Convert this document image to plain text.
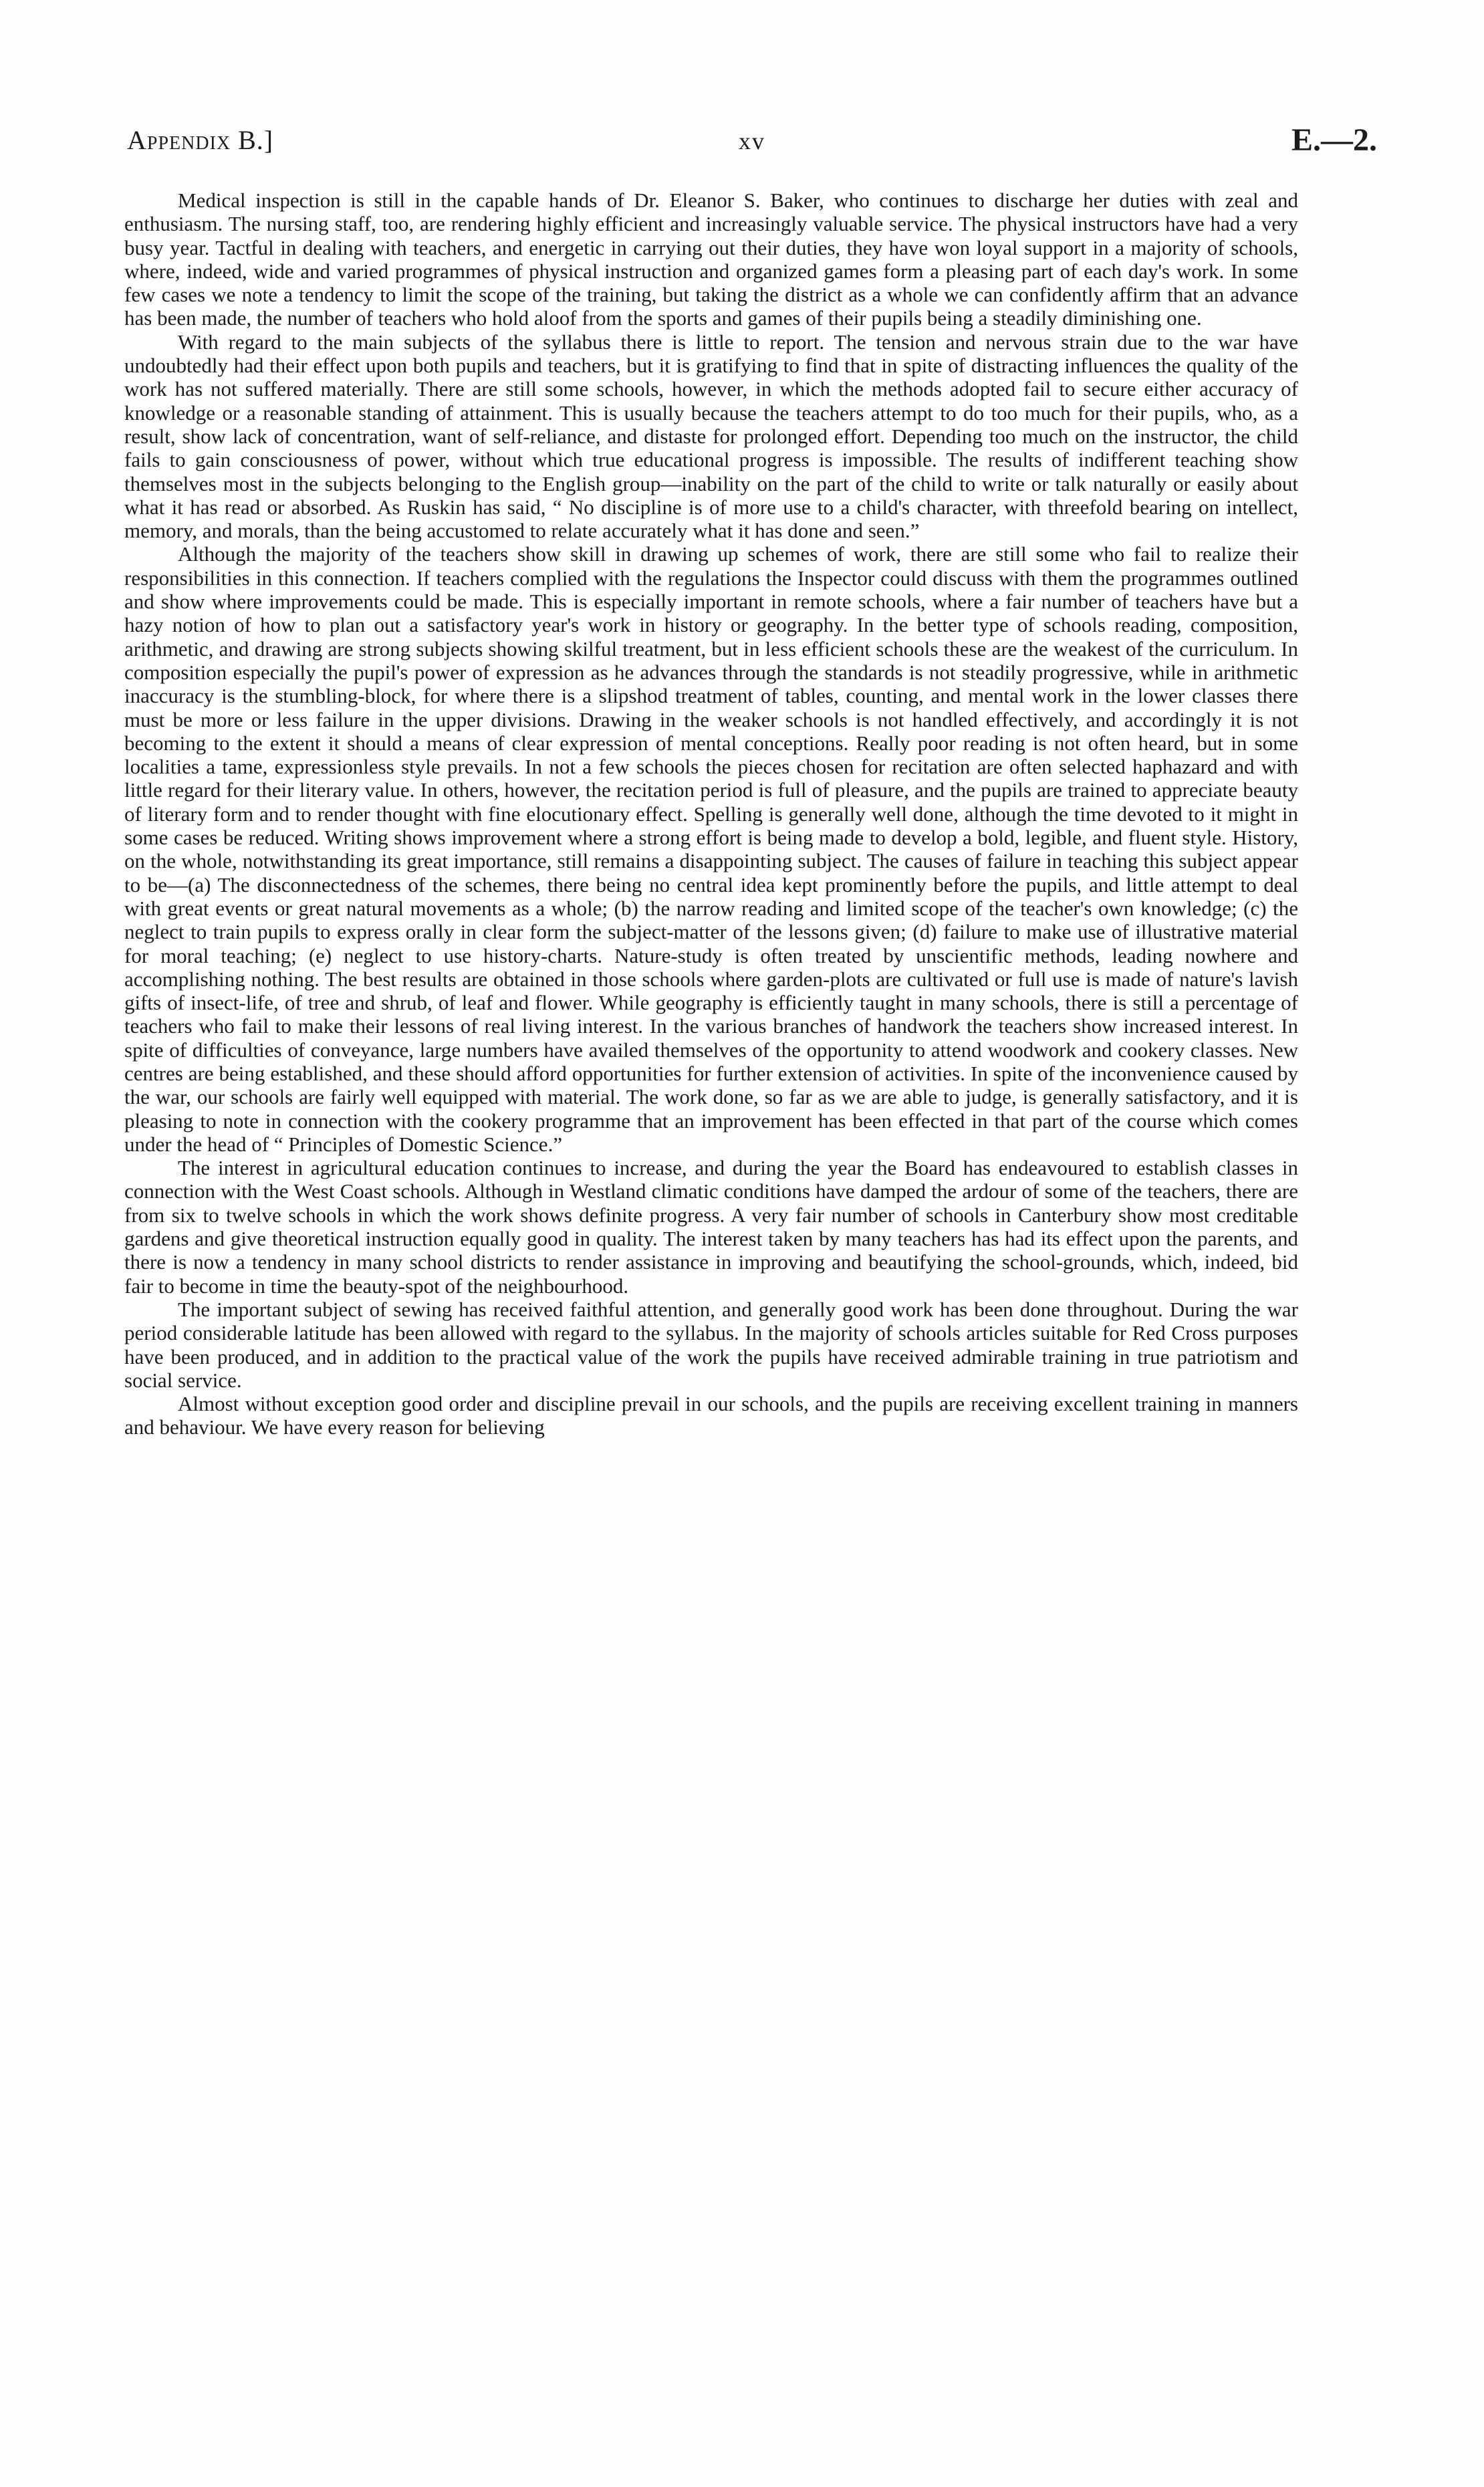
Appendix B.]	xv	E.—2.

Medical inspection is still in the capable hands of Dr. Eleanor S. Baker, who continues to discharge her duties with zeal and enthusiasm. The nursing staff, too, are rendering highly efficient and increasingly valuable service. The physical instructors have had a very busy year. Tactful in dealing with teachers, and energetic in carrying out their duties, they have won loyal support in a majority of schools, where, indeed, wide and varied programmes of physical instruction and organized games form a pleasing part of each day's work. In some few cases we note a tendency to limit the scope of the training, but taking the district as a whole we can confidently affirm that an advance has been made, the number of teachers who hold aloof from the sports and games of their pupils being a steadily diminishing one.

With regard to the main subjects of the syllabus there is little to report. The tension and nervous strain due to the war have undoubtedly had their effect upon both pupils and teachers, but it is gratifying to find that in spite of distracting influences the quality of the work has not suffered materially. There are still some schools, however, in which the methods adopted fail to secure either accuracy of knowledge or a reasonable standing of attainment. This is usually because the teachers attempt to do too much for their pupils, who, as a result, show lack of concentration, want of self-reliance, and distaste for prolonged effort. Depending too much on the instructor, the child fails to gain consciousness of power, without which true educational progress is impossible. The results of indifferent teaching show themselves most in the subjects belonging to the English group—inability on the part of the child to write or talk naturally or easily about what it has read or absorbed. As Ruskin has said, “ No discipline is of more use to a child's character, with threefold bearing on intellect, memory, and morals, than the being accustomed to relate accurately what it has done and seen.”

Although the majority of the teachers show skill in drawing up schemes of work, there are still some who fail to realize their responsibilities in this connection. If teachers complied with the regulations the Inspector could discuss with them the programmes outlined and show where improvements could be made. This is especially important in remote schools, where a fair number of teachers have but a hazy notion of how to plan out a satisfactory year's work in history or geography. In the better type of schools reading, composition, arithmetic, and drawing are strong subjects showing skilful treatment, but in less efficient schools these are the weakest of the curriculum. In composition especially the pupil's power of expression as he advances through the standards is not steadily progressive, while in arithmetic inaccuracy is the stumbling-block, for where there is a slipshod treatment of tables, counting, and mental work in the lower classes there must be more or less failure in the upper divisions. Drawing in the weaker schools is not handled effectively, and accordingly it is not becoming to the extent it should a means of clear expression of mental conceptions. Really poor reading is not often heard, but in some localities a tame, expressionless style prevails. In not a few schools the pieces chosen for recitation are often selected haphazard and with little regard for their literary value. In others, however, the recitation period is full of pleasure, and the pupils are trained to appreciate beauty of literary form and to render thought with fine elocutionary effect. Spelling is generally well done, although the time devoted to it might in some cases be reduced. Writing shows improvement where a strong effort is being made to develop a bold, legible, and fluent style. History, on the whole, notwithstanding its great importance, still remains a disappointing subject. The causes of failure in teaching this subject appear to be—(a) The disconnectedness of the schemes, there being no central idea kept prominently before the pupils, and little attempt to deal with great events or great natural movements as a whole; (b) the narrow reading and limited scope of the teacher's own knowledge; (c) the neglect to train pupils to express orally in clear form the subject-matter of the lessons given; (d) failure to make use of illustrative material for moral teaching; (e) neglect to use history-charts. Nature-study is often treated by unscientific methods, leading nowhere and accomplishing nothing. The best results are obtained in those schools where garden-plots are cultivated or full use is made of nature's lavish gifts of insect-life, of tree and shrub, of leaf and flower. While geography is efficiently taught in many schools, there is still a percentage of teachers who fail to make their lessons of real living interest. In the various branches of handwork the teachers show increased interest. In spite of difficulties of conveyance, large numbers have availed themselves of the opportunity to attend woodwork and cookery classes. New centres are being established, and these should afford opportunities for further extension of activities. In spite of the inconvenience caused by the war, our schools are fairly well equipped with material. The work done, so far as we are able to judge, is generally satisfactory, and it is pleasing to note in connection with the cookery programme that an improvement has been effected in that part of the course which comes under the head of “ Principles of Domestic Science.”

The interest in agricultural education continues to increase, and during the year the Board has endeavoured to establish classes in connection with the West Coast schools. Although in Westland climatic conditions have damped the ardour of some of the teachers, there are from six to twelve schools in which the work shows definite progress. A very fair number of schools in Canterbury show most creditable gardens and give theoretical instruction equally good in quality. The interest taken by many teachers has had its effect upon the parents, and there is now a tendency in many school districts to render assistance in improving and beautifying the school-grounds, which, indeed, bid fair to become in time the beauty-spot of the neighbourhood.

The important subject of sewing has received faithful attention, and generally good work has been done throughout. During the war period considerable latitude has been allowed with regard to the syllabus. In the majority of schools articles suitable for Red Cross purposes have been produced, and in addition to the practical value of the work the pupils have received admirable training in true patriotism and social service.

Almost without exception good order and discipline prevail in our schools, and the pupils are receiving excellent training in manners and behaviour. We have every reason for believing
